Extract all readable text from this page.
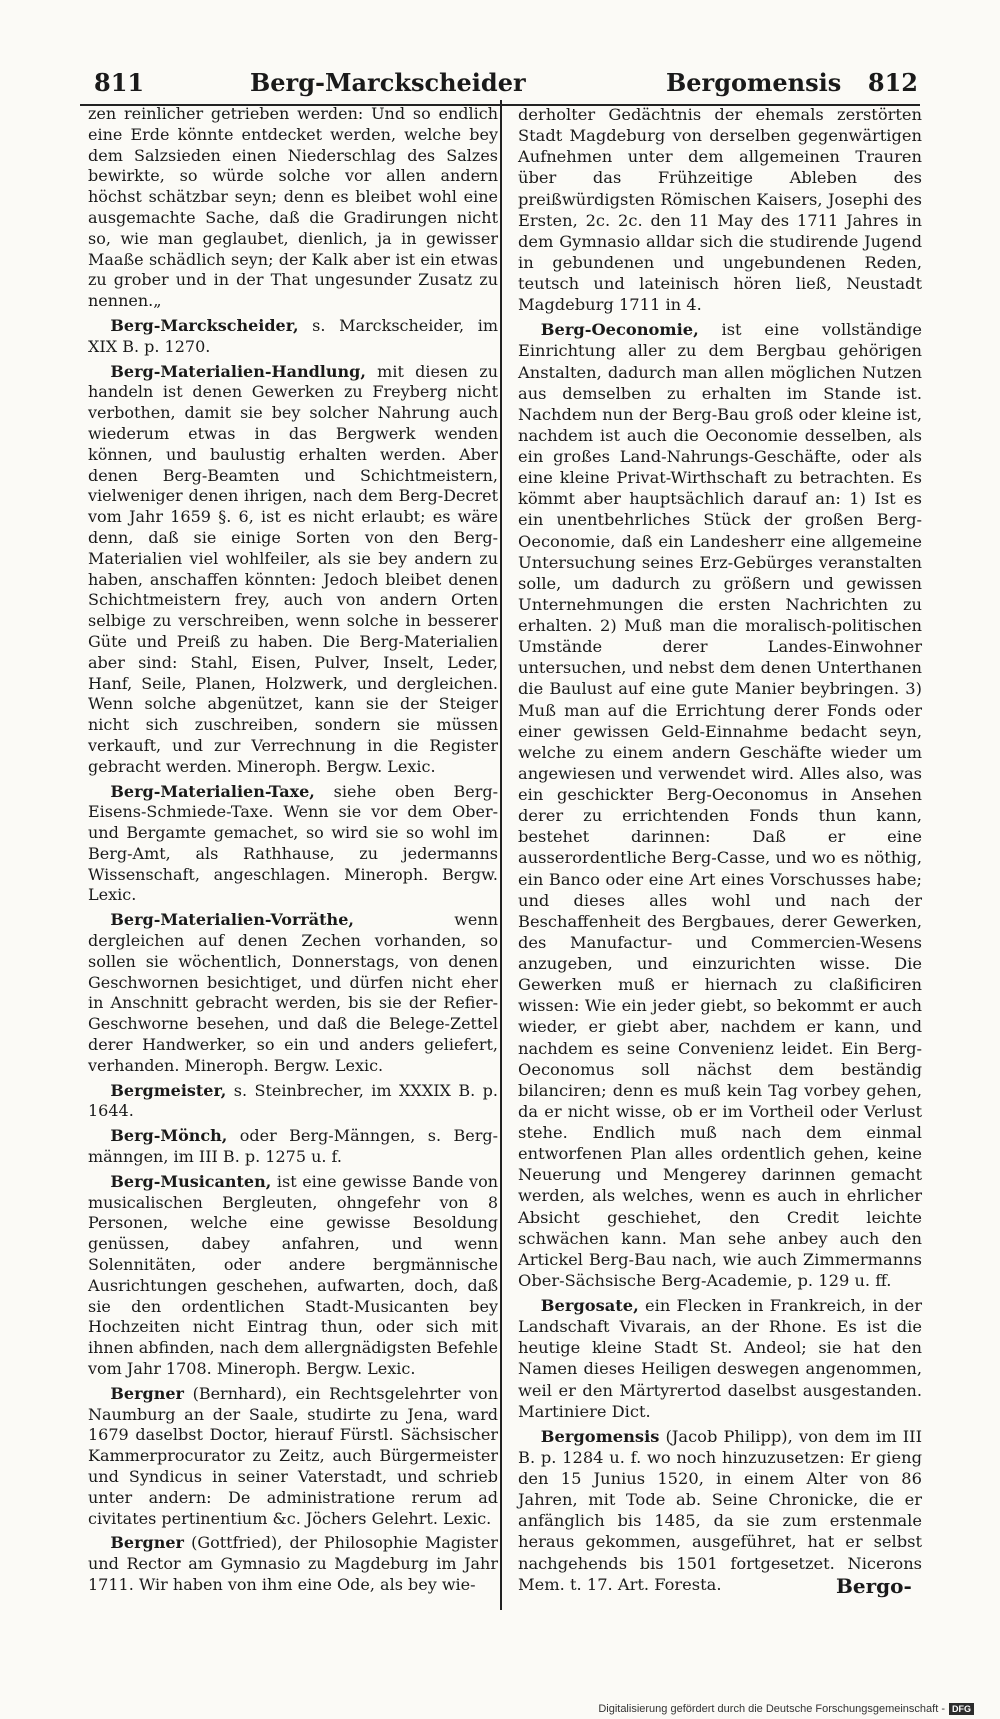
811	Berg-Marckscheider	Bergomensis 812

zen reinlicher getrieben werden: Und so endlich eine Erde könnte entdecket werden, welche bey dem Salzsieden einen Niederschlag des Salzes bewirkte, so würde solche vor allen andern höchst schätzbar seyn; denn es bleibet wohl eine ausgemachte Sache, daß die Gradirungen nicht so, wie man geglaubet, dienlich, ja in gewisser Maaße schädlich seyn; der Kalk aber ist ein etwas zu grober und in der That ungesunder Zusatz zu nennen.„

Berg-Marckscheider, s. Marckscheider, im XIX B. p. 1270.

Berg-Materialien-Handlung, mit diesen zu handeln ist denen Gewerken zu Freyberg nicht verbothen, damit sie bey solcher Nahrung auch wiederum etwas in das Bergwerk wenden können, und baulustig erhalten werden. Aber denen Berg-Beamten und Schichtmeistern, vielweniger denen ihrigen, nach dem Berg-Decret vom Jahr 1659 §. 6, ist es nicht erlaubt; es wäre denn, daß sie einige Sorten von den Berg-Materialien viel wohlfeiler, als sie bey andern zu haben, anschaffen könnten: Jedoch bleibet denen Schichtmeistern frey, auch von andern Orten selbige zu verschreiben, wenn solche in besserer Güte und Preiß zu haben. Die Berg-Materialien aber sind: Stahl, Eisen, Pulver, Inselt, Leder, Hanf, Seile, Planen, Holzwerk, und dergleichen. Wenn solche abgenützet, kann sie der Steiger nicht sich zuschreiben, sondern sie müssen verkauft, und zur Verrechnung in die Register gebracht werden. Mineroph. Bergw. Lexic.

Berg-Materialien-Taxe, siehe oben Berg-Eisens-Schmiede-Taxe. Wenn sie vor dem Ober- und Bergamte gemachet, so wird sie so wohl im Berg-Amt, als Rathhause, zu jedermanns Wissenschaft, angeschlagen. Mineroph. Bergw. Lexic.

Berg-Materialien-Vorräthe, wenn dergleichen auf denen Zechen vorhanden, so sollen sie wöchentlich, Donnerstags, von denen Geschwornen besichtiget, und dürfen nicht eher in Anschnitt gebracht werden, bis sie der Refier-Geschworne besehen, und daß die Belege-Zettel derer Handwerker, so ein und anders geliefert, verhanden. Mineroph. Bergw. Lexic.

Bergmeister, s. Steinbrecher, im XXXIX B. p. 1644.

Berg-Mönch, oder Berg-Männgen, s. Berg-männgen, im III B. p. 1275 u. f.

Berg-Musicanten, ist eine gewisse Bande von musicalischen Bergleuten, ohngefehr von 8 Personen, welche eine gewisse Besoldung genüssen, dabey anfahren, und wenn Solennitäten, oder andere bergmännische Ausrichtungen geschehen, aufwarten, doch, daß sie den ordentlichen Stadt-Musicanten bey Hochzeiten nicht Eintrag thun, oder sich mit ihnen abfinden, nach dem allergnädigsten Befehle vom Jahr 1708. Mineroph. Bergw. Lexic.

Bergner (Bernhard), ein Rechtsgelehrter von Naumburg an der Saale, studirte zu Jena, ward 1679 daselbst Doctor, hierauf Fürstl. Sächsischer Kammerprocurator zu Zeitz, auch Bürgermeister und Syndicus in seiner Vaterstadt, und schrieb unter andern: De administratione rerum ad civitates pertinentium &c. Jöchers Gelehrt. Lexic.

Bergner (Gottfried), der Philosophie Magister und Rector am Gymnasio zu Magdeburg im Jahr 1711. Wir haben von ihm eine Ode, als bey wie-

derholter Gedächtnis der ehemals zerstörten Stadt Magdeburg von derselben gegenwärtigen Aufnehmen unter dem allgemeinen Trauren über das Frühzeitige Ableben des preißwürdigsten Römischen Kaisers, Josephi des Ersten, 2c. 2c. den 11 May des 1711 Jahres in dem Gymnasio alldar sich die studirende Jugend in gebundenen und ungebundenen Reden, teutsch und lateinisch hören ließ, Neustadt Magdeburg 1711 in 4.

Berg-Oeconomie, ist eine vollständige Einrichtung aller zu dem Bergbau gehörigen Anstalten, dadurch man allen möglichen Nutzen aus demselben zu erhalten im Stande ist. Nachdem nun der Berg-Bau groß oder kleine ist, nachdem ist auch die Oeconomie desselben, als ein großes Land-Nahrungs-Geschäfte, oder als eine kleine Privat-Wirthschaft zu betrachten. Es kömmt aber hauptsächlich darauf an: 1) Ist es ein unentbehrliches Stück der großen Berg-Oeconomie, daß ein Landesherr eine allgemeine Untersuchung seines Erz-Gebürges veranstalten solle, um dadurch zu größern und gewissen Unternehmungen die ersten Nachrichten zu erhalten. 2) Muß man die moralisch-politischen Umstände derer Landes-Einwohner untersuchen, und nebst dem denen Unterthanen die Baulust auf eine gute Manier beybringen. 3) Muß man auf die Errichtung derer Fonds oder einer gewissen Geld-Einnahme bedacht seyn, welche zu einem andern Geschäfte wieder um angewiesen und verwendet wird. Alles also, was ein geschickter Berg-Oeconomus in Ansehen derer zu errichtenden Fonds thun kann, bestehet darinnen: Daß er eine ausserordentliche Berg-Casse, und wo es nöthig, ein Banco oder eine Art eines Vorschusses habe; und dieses alles wohl und nach der Beschaffenheit des Bergbaues, derer Gewerken, des Manufactur- und Commercien-Wesens anzugeben, und einzurichten wisse. Die Gewerken muß er hiernach zu claßificiren wissen: Wie ein jeder giebt, so bekommt er auch wieder, er giebt aber, nachdem er kann, und nachdem es seine Convenienz leidet. Ein Berg-Oeconomus soll nächst dem beständig bilanciren; denn es muß kein Tag vorbey gehen, da er nicht wisse, ob er im Vortheil oder Verlust stehe. Endlich muß nach dem einmal entworfenen Plan alles ordentlich gehen, keine Neuerung und Mengerey darinnen gemacht werden, als welches, wenn es auch in ehrlicher Absicht geschiehet, den Credit leichte schwächen kann. Man sehe anbey auch den Artickel Berg-Bau nach, wie auch Zimmermanns Ober-Sächsische Berg-Academie, p. 129 u. ff.

Bergosate, ein Flecken in Frankreich, in der Landschaft Vivarais, an der Rhone. Es ist die heutige kleine Stadt St. Andeol; sie hat den Namen dieses Heiligen deswegen angenommen, weil er den Märtyrertod daselbst ausgestanden. Martiniere Dict.

Bergomensis (Jacob Philipp), von dem im III B. p. 1284 u. f. wo noch hinzuzusetzen: Er gieng den 15 Junius 1520, in einem Alter von 86 Jahren, mit Tode ab. Seine Chronicke, die er anfänglich bis 1485, da sie zum erstenmale heraus gekommen, ausgeführet, hat er selbst nachgehends bis 1501 fortgesetzet. Nicerons Mem. t. 17. Art. Foresta.	Bergo-
Digitalisierung gefördert durch die Deutsche Forschungsgemeinschaft - DFG
